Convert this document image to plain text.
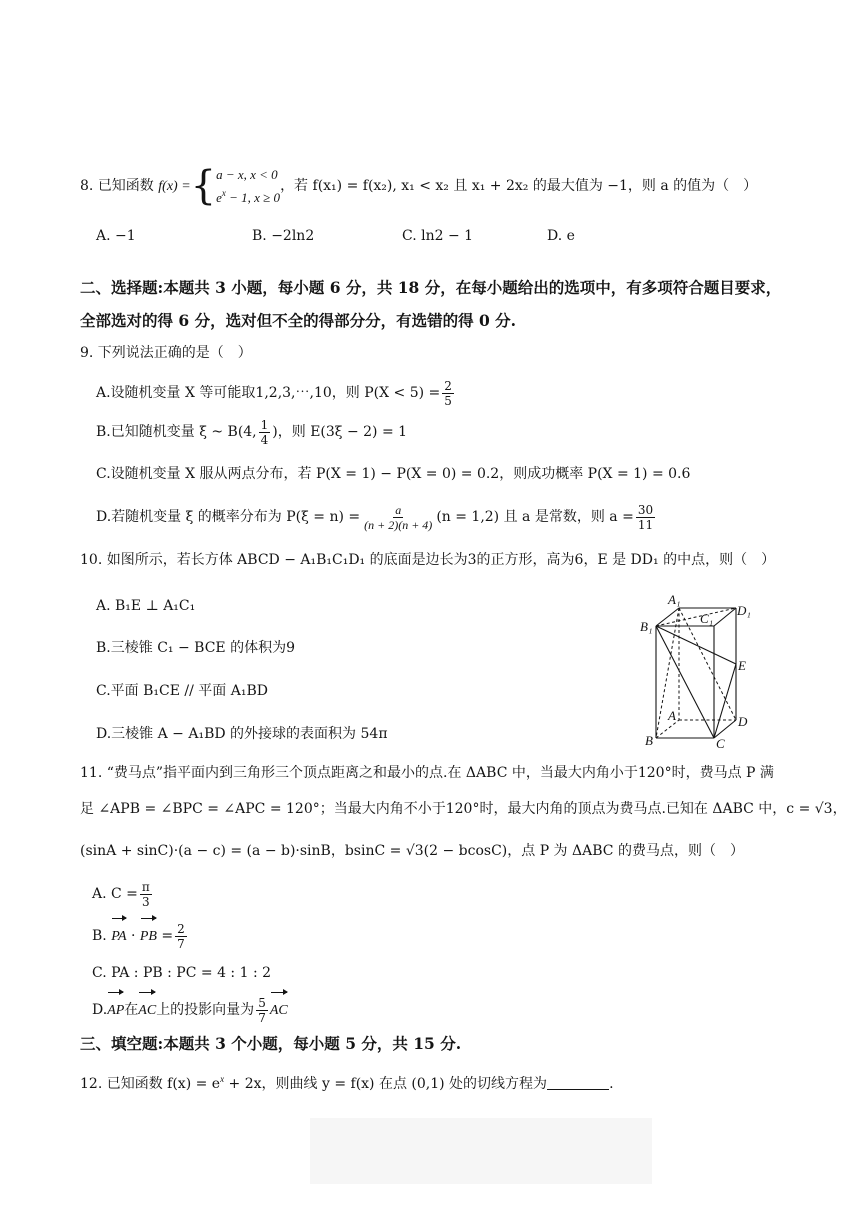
8. 已知函数 f(x) ={ a − x, x < 0
$e^x - 1$, x ≥ 0
，若 f(x₁) = f(x₂), x₁ < x₂ 且 x₁ + 2x₂ 的最大值为 −1，则 a 的值为（　）
A. −1	B. −2ln2	C. ln2 − 1	D. e
二、选择题:本题共 3 小题，每小题 6 分，共 18 分，在每小题给出的选项中，有多项符合题目要求，
全部选对的得 6 分，选对但不全的得部分分，有选错的得 0 分.
9. 下列说法正确的是（　）
A.设随机变量 X 等可能取1,2,3,⋯,10，则 $P(X < 5) = \frac{2}{5}$
B.已知随机变量 ξ ~ B(4, $\frac{1}{4}$ )，则 E(3ξ − 2) = 1
C.设随机变量 X 服从两点分布，若 P(X = 1) − P(X = 0) = 0.2，则成功概率 P(X = 1) = 0.6
D.若随机变量 ξ 的概率分布为 $P(\xi = n) = \frac{a}{(n + 2)(n + 4)} (n = 1,2)$ 且 a 是常数，则 $a = \frac{30}{11}$
10. 如图所示，若长方体 ABCD − A₁B₁C₁D₁ 的底面是边长为3的正方形，高为6，E 是 DD₁ 的中点，则（　）
A. B₁E ⊥ A₁C₁
B.三棱锥 C₁ − BCE 的体积为9
C.平面 B₁CE // 平面 A₁BD
D.三棱锥 A − A₁BD 的外接球的表面积为 54π
A₁
D₁
B₁
C₁
E
A	D
B	C
11. “费马点”指平面内到三角形三个顶点距离之和最小的点.在 ΔABC 中，当最大内角小于120°时，费马点 P 满
足 ∠APB = ∠BPC = ∠APC = 120°；当最大内角不小于120°时，最大内角的顶点为费马点.已知在 ΔABC 中，c = √3，
(sinA + sinC)·(a − c) = (a − b)·sinB，bsinC = √3(2 − bcosC)，点 P 为 ΔABC 的费马点，则（　）
A. $C = \frac{\pi}{3}$
B. PA · PB = $\frac{2}{7}$
C. PA : PB : PC = 4 : 1 : 2
D.AP在AC上的投影向量为 $\frac{5}{7}$ AC
三、填空题:本题共 3 个小题，每小题 5 分，共 15 分.
12. 已知函数 $f(x) = e^x + 2x$，则曲线 y = f(x) 在点 (0,1) 处的切线方程为	.
